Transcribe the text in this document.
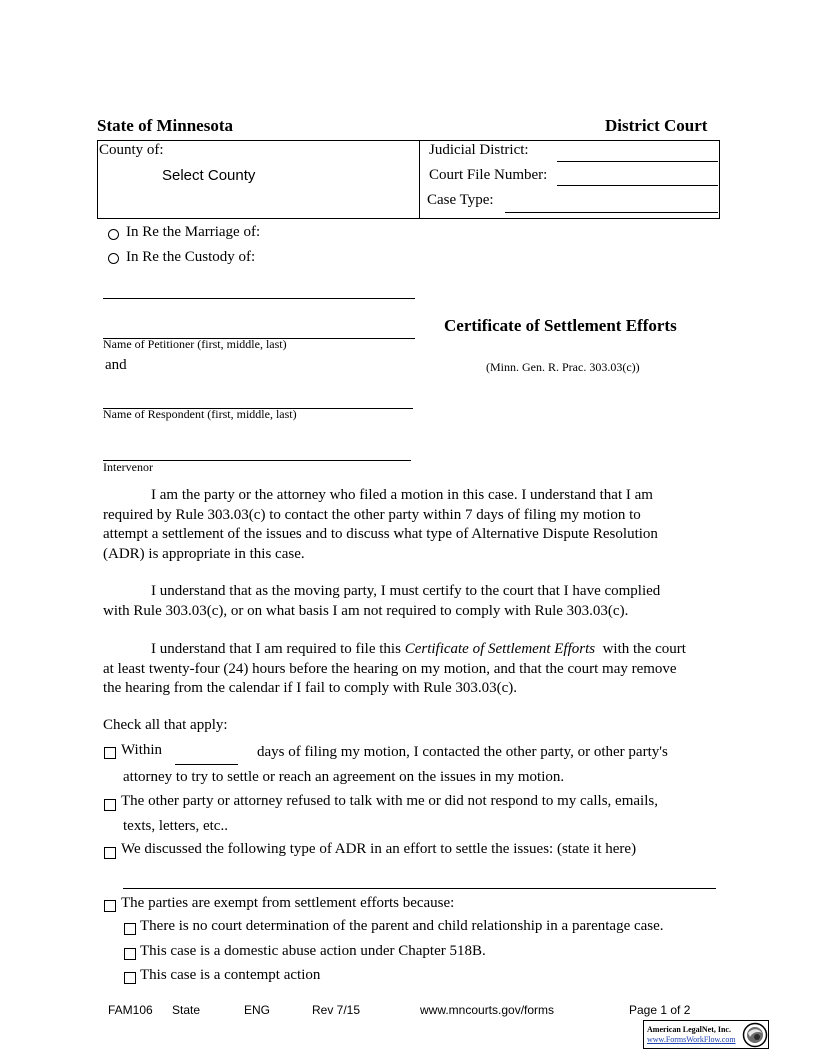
State of Minnesota	District Court
County of:
Select County
Judicial District:
Court File Number:
Case Type:
In Re the Marriage of:
In Re the Custody of:
Name of Petitioner (first, middle, last)
and
Name of Respondent (first, middle, last)
Intervenor
Certificate of Settlement Efforts
(Minn. Gen. R. Prac. 303.03(c))
I am the party or the attorney who filed a motion in this case. I understand that I am
required by Rule 303.03(c) to contact the other party within 7 days of filing my motion to
attempt a settlement of the issues and to discuss what type of Alternative Dispute Resolution
(ADR) is appropriate in this case.
I understand that as the moving party, I must certify to the court that I have complied
with Rule 303.03(c), or on what basis I am not required to comply with Rule 303.03(c).
I understand that I am required to file this Certificate of Settlement Efforts with the court
at least twenty-four (24) hours before the hearing on my motion, and that the court may remove
the hearing from the calendar if I fail to comply with Rule 303.03(c).
Check all that apply:
Within	days of filing my motion, I contacted the other party, or other party's
attorney to try to settle or reach an agreement on the issues in my motion.
The other party or attorney refused to talk with me or did not respond to my calls, emails,
texts, letters, etc..
We discussed the following type of ADR in an effort to settle the issues: (state it here)
The parties are exempt from settlement efforts because:
There is no court determination of the parent and child relationship in a parentage case.
This case is a domestic abuse action under Chapter 518B.
This case is a contempt action
FAM106 State	ENG	Rev 7/15	www.mncourts.gov/forms	Page 1 of 2
American LegalNet, Inc.
www.FormsWorkFlow.com
